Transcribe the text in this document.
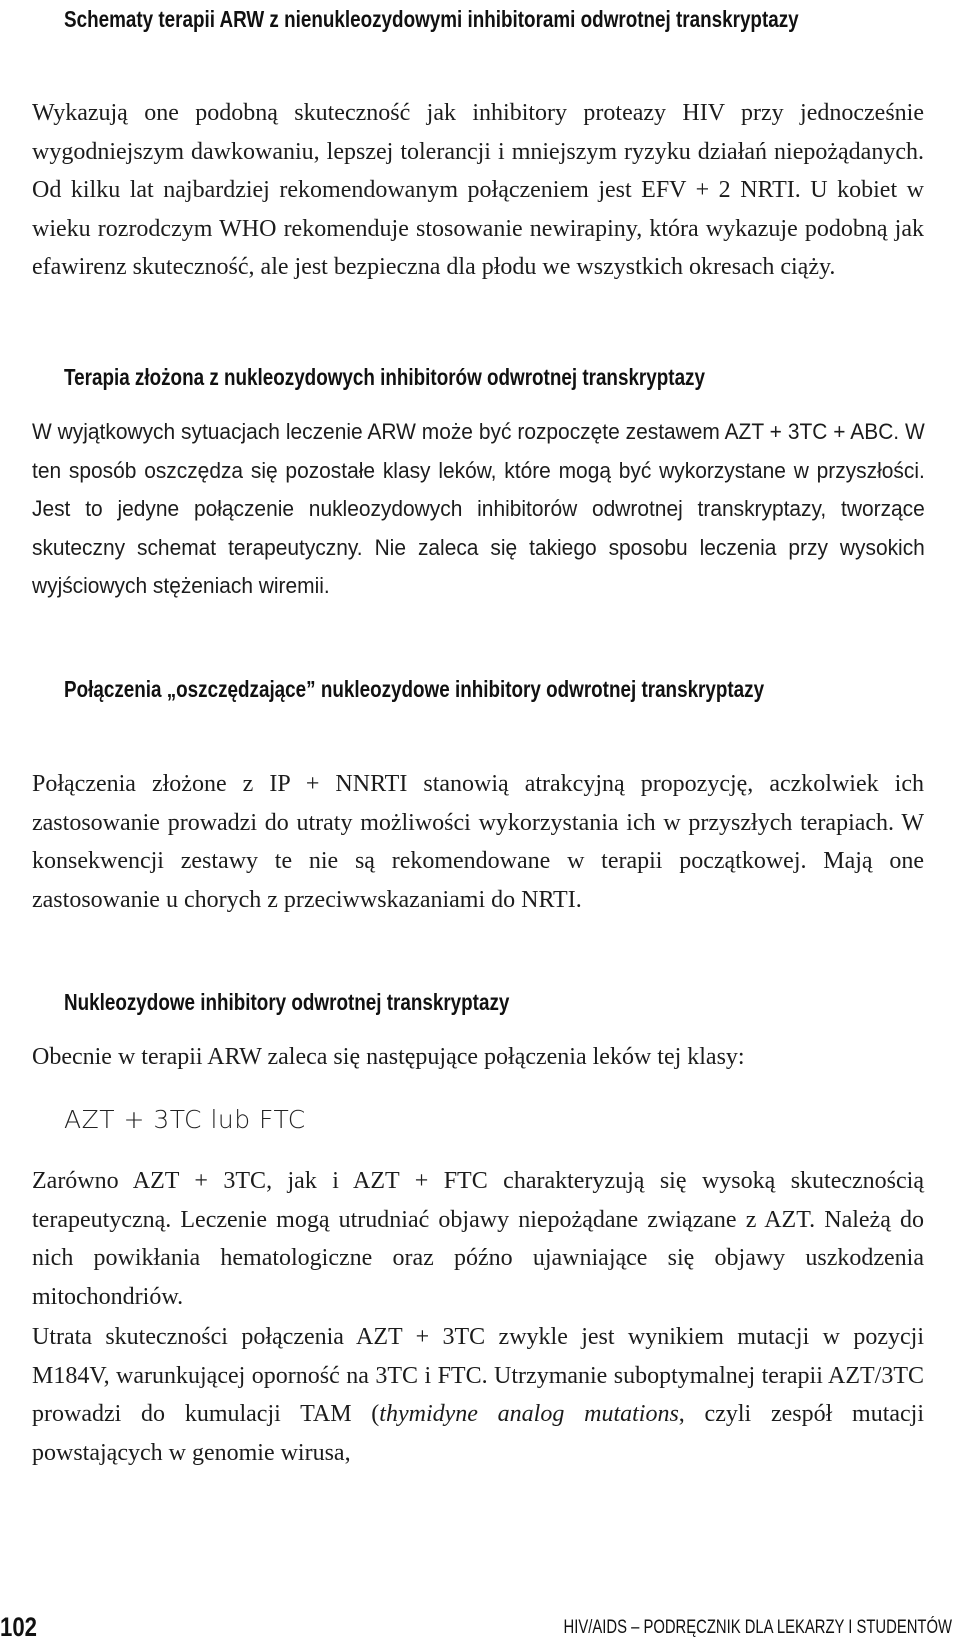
Schematy terapii ARW z nienukleozydowymi inhibitorami odwrotnej transkryptazy
Wykazują one podobną skuteczność jak inhibitory proteazy HIV przy jednocześnie wygodniejszym dawkowaniu, lepszej tolerancji i mniejszym ryzyku działań niepożądanych. Od kilku lat najbardziej rekomendowanym połączeniem jest EFV + 2 NRTI. U kobiet w wieku rozrodczym WHO rekomenduje stosowanie newirapiny, która wykazuje podobną jak efawirenz skuteczność, ale jest bezpieczna dla płodu we wszystkich okresach ciąży.
Terapia złożona z nukleozydowych inhibitorów odwrotnej transkryptazy
W wyjątkowych sytuacjach leczenie ARW może być rozpoczęte zestawem AZT + 3TC + ABC. W ten sposób oszczędza się pozostałe klasy leków, które mogą być wykorzystane w przyszłości. Jest to jedyne połączenie nukleozydowych inhibitorów odwrotnej transkryptazy, tworzące skuteczny schemat terapeutyczny. Nie zaleca się takiego sposobu leczenia przy wysokich wyjściowych stężeniach wiremii.
Połączenia „oszczędzające” nukleozydowe inhibitory odwrotnej transkryptazy
Połączenia złożone z IP + NNRTI stanowią atrakcyjną propozycję, aczkolwiek ich zastosowanie prowadzi do utraty możliwości wykorzystania ich w przyszłych terapiach. W konsekwencji zestawy te nie są rekomendowane w terapii początkowej. Mają one zastosowanie u chorych z przeciwwskazaniami do NRTI.
Nukleozydowe inhibitory odwrotnej transkryptazy
Obecnie w terapii ARW zaleca się następujące połączenia leków tej klasy:
AZT + 3TC lub FTC
Zarówno AZT + 3TC, jak i AZT + FTC charakteryzują się wysoką skutecznością terapeutyczną. Leczenie mogą utrudniać objawy niepożądane związane z AZT. Należą do nich powikłania hematologiczne oraz późno ujawniające się objawy uszkodzenia mitochondriów.
Utrata skuteczności połączenia AZT + 3TC zwykle jest wynikiem mutacji w pozycji M184V, warunkującej oporność na 3TC i FTC. Utrzymanie suboptymalnej terapii AZT/3TC prowadzi do kumulacji TAM (thymidyne analog mutations, czyli zespół mutacji powstających w genomie wirusa,
102	HIV/AIDS – PODRĘCZNIK DLA LEKARZY I STUDENTÓW
